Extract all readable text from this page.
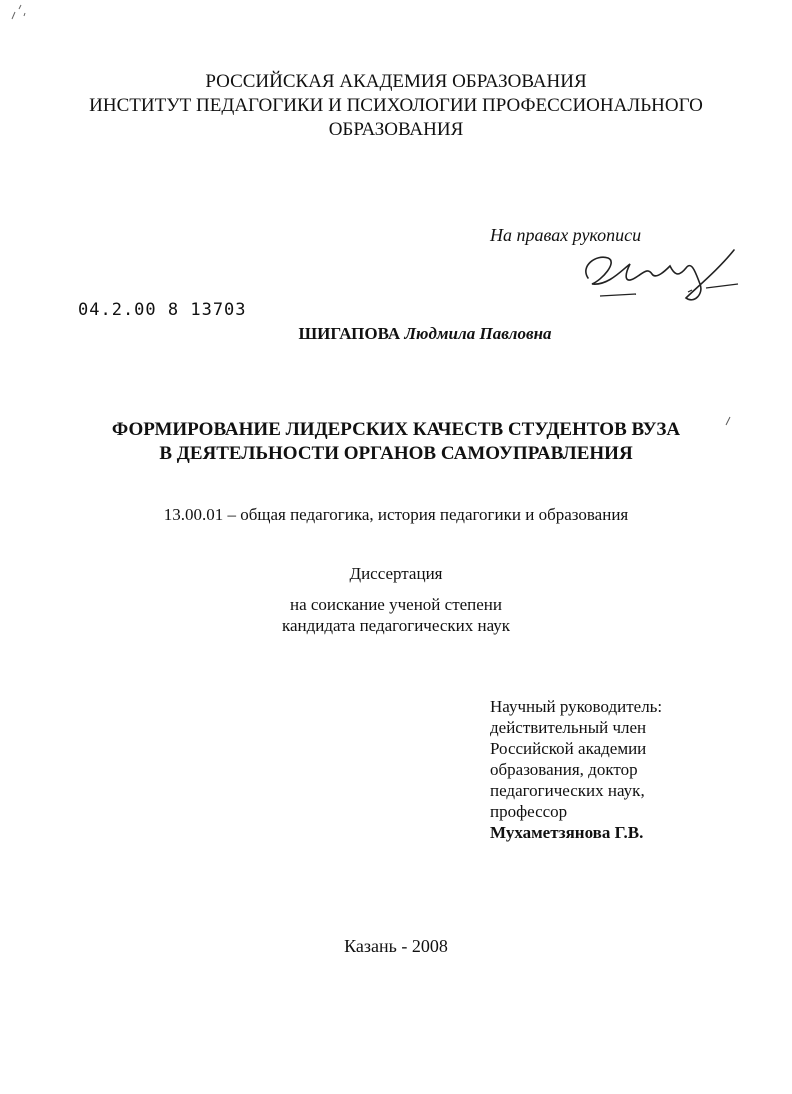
РОССИЙСКАЯ АКАДЕМИЯ ОБРАЗОВАНИЯ
ИНСТИТУТ ПЕДАГОГИКИ И ПСИХОЛОГИИ ПРОФЕССИОНАЛЬНОГО
ОБРАЗОВАНИЯ
На правах рукописи
04.2.00 8 13703
ШИГАПОВА Людмила Павловна
ФОРМИРОВАНИЕ ЛИДЕРСКИХ КАЧЕСТВ СТУДЕНТОВ ВУЗА
В ДЕЯТЕЛЬНОСТИ ОРГАНОВ САМОУПРАВЛЕНИЯ
13.00.01 – общая педагогика, история педагогики и образования
Диссертация
на соискание ученой степени
кандидата педагогических наук
Научный руководитель:
действительный член
Российской академии
образования, доктор
педагогических наук,
профессор
Мухаметзянова Г.В.
Казань - 2008
